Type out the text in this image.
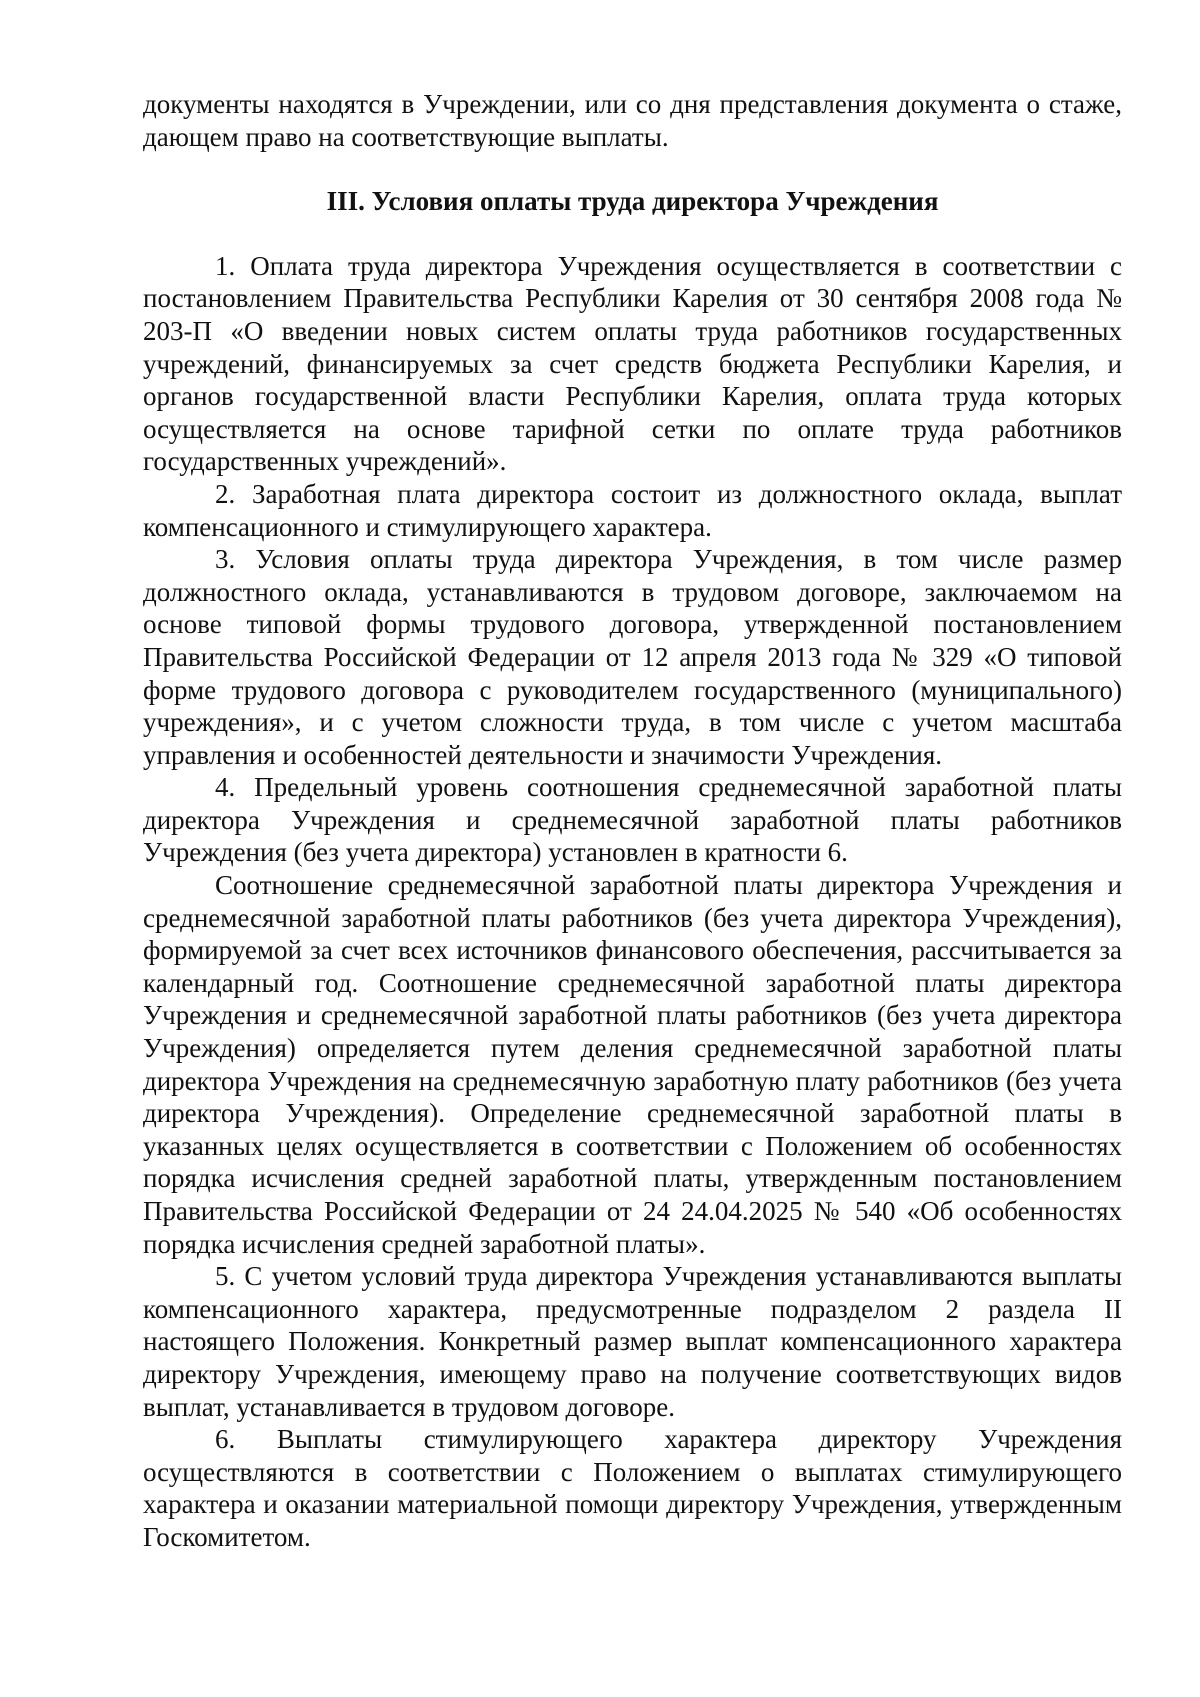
документы находятся в Учреждении, или со дня представления документа о стаже, дающем право на соответствующие выплаты.

III. Условия оплаты труда директора Учреждения

1. Оплата труда директора Учреждения осуществляется в соответствии с постановлением Правительства Республики Карелия от 30 сентября 2008 года № 203-П «О введении новых систем оплаты труда работников государственных учреждений, финансируемых за счет средств бюджета Республики Карелия, и органов государственной власти Республики Карелия, оплата труда которых осуществляется на основе тарифной сетки по оплате труда работников государственных учреждений».

2. Заработная плата директора состоит из должностного оклада, выплат компенсационного и стимулирующего характера.

3. Условия оплаты труда директора Учреждения, в том числе размер должностного оклада, устанавливаются в трудовом договоре, заключаемом на основе типовой формы трудового договора, утвержденной постановлением Правительства Российской Федерации от 12 апреля 2013 года № 329 «О типовой форме трудового договора с руководителем государственного (муниципального) учреждения», и с учетом сложности труда, в том числе с учетом масштаба управления и особенностей деятельности и значимости Учреждения.

4. Предельный уровень соотношения среднемесячной заработной платы директора Учреждения и среднемесячной заработной платы работников Учреждения (без учета директора) установлен в кратности 6.

Соотношение среднемесячной заработной платы директора Учреждения и среднемесячной заработной платы работников (без учета директора Учреждения), формируемой за счет всех источников финансового обеспечения, рассчитывается за календарный год. Соотношение среднемесячной заработной платы директора Учреждения и среднемесячной заработной платы работников (без учета директора Учреждения) определяется путем деления среднемесячной заработной платы директора Учреждения на среднемесячную заработную плату работников (без учета директора Учреждения). Определение среднемесячной заработной платы в указанных целях осуществляется в соответствии с Положением об особенностях порядка исчисления средней заработной платы, утвержденным постановлением Правительства Российской Федерации от 24 24.04.2025 № 540 «Об особенностях порядка исчисления средней заработной платы».

5. С учетом условий труда директора Учреждения устанавливаются выплаты компенсационного характера, предусмотренные подразделом 2 раздела II настоящего Положения. Конкретный размер выплат компенсационного характера директору Учреждения, имеющему право на получение соответствующих видов выплат, устанавливается в трудовом договоре.

6. Выплаты стимулирующего характера директору Учреждения осуществляются в соответствии с Положением о выплатах стимулирующего характера и оказании материальной помощи директору Учреждения, утвержденным Госкомитетом.
